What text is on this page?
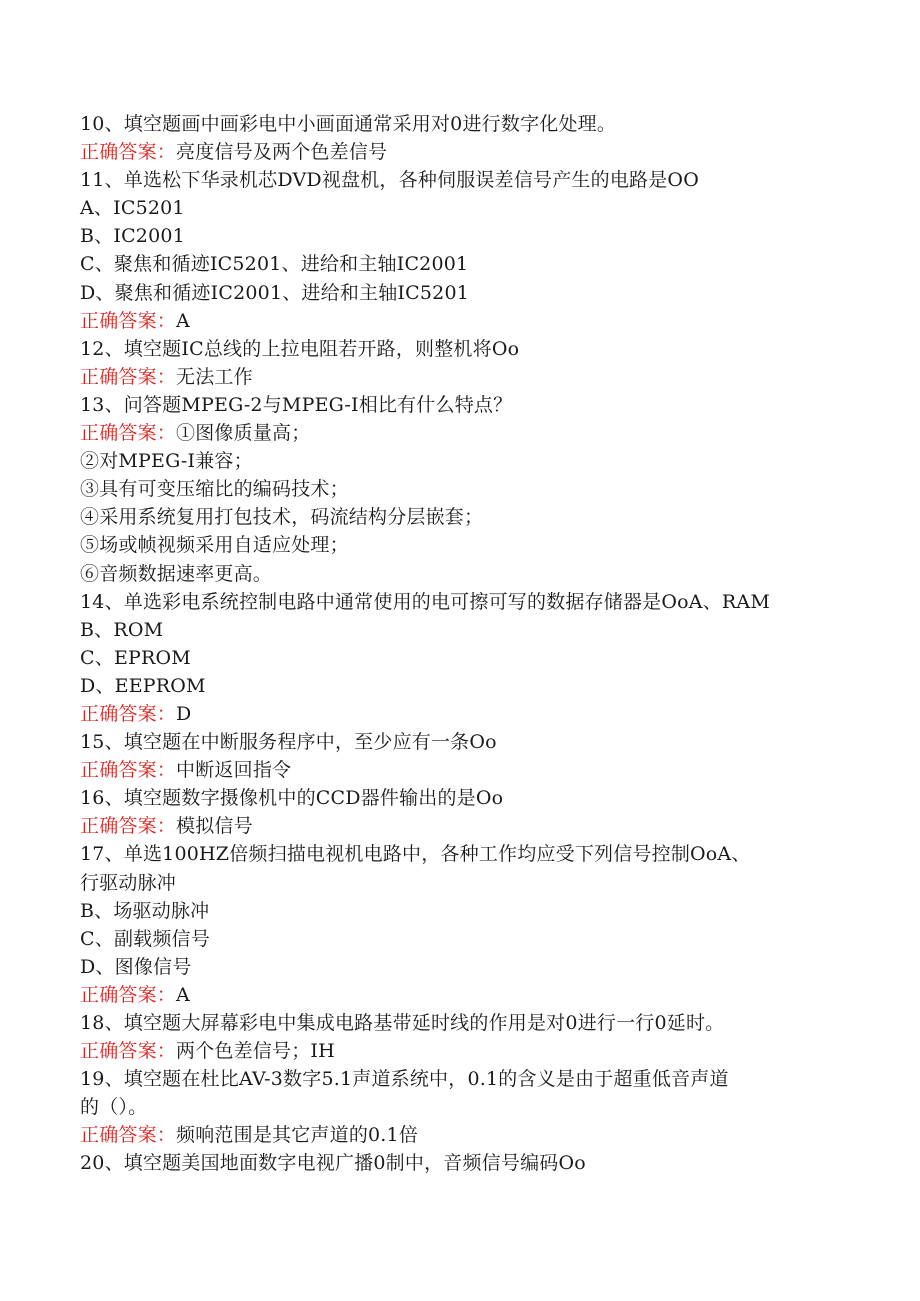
10、填空题画中画彩电中小画面通常采用对0进行数字化处理。
正确答案：亮度信号及两个色差信号
11、单选松下华录机芯DVD视盘机，各种伺服误差信号产生的电路是OO
A、IC5201
B、IC2001
C、聚焦和循迹IC5201、进给和主轴IC2001
D、聚焦和循迹IC2001、进给和主轴IC5201
正确答案：A
12、填空题IC总线的上拉电阻若开路，则整机将Oo
正确答案：无法工作
13、问答题MPEG-2与MPEG-I相比有什么特点？
正确答案：①图像质量高；
②对MPEG-I兼容；
③具有可变压缩比的编码技术；
④采用系统复用打包技术，码流结构分层嵌套；
⑤场或帧视频采用自适应处理；
⑥音频数据速率更高。
14、单选彩电系统控制电路中通常使用的电可擦可写的数据存储器是OoA、RAM
B、ROM
C、EPROM
D、EEPROM
正确答案：D
15、填空题在中断服务程序中，至少应有一条Oo
正确答案：中断返回指令
16、填空题数字摄像机中的CCD器件输出的是Oo
正确答案：模拟信号
17、单选100HZ倍频扫描电视机电路中，各种工作均应受下列信号控制OoA、
行驱动脉冲
B、场驱动脉冲
C、副载频信号
D、图像信号
正确答案：A
18、填空题大屏幕彩电中集成电路基带延时线的作用是对0进行一行0延时。
正确答案：两个色差信号；IH
19、填空题在杜比AV-3数字5.1声道系统中，0.1的含义是由于超重低音声道
的（）。
正确答案：频响范围是其它声道的0.1倍
20、填空题美国地面数字电视广播0制中，音频信号编码Oo
